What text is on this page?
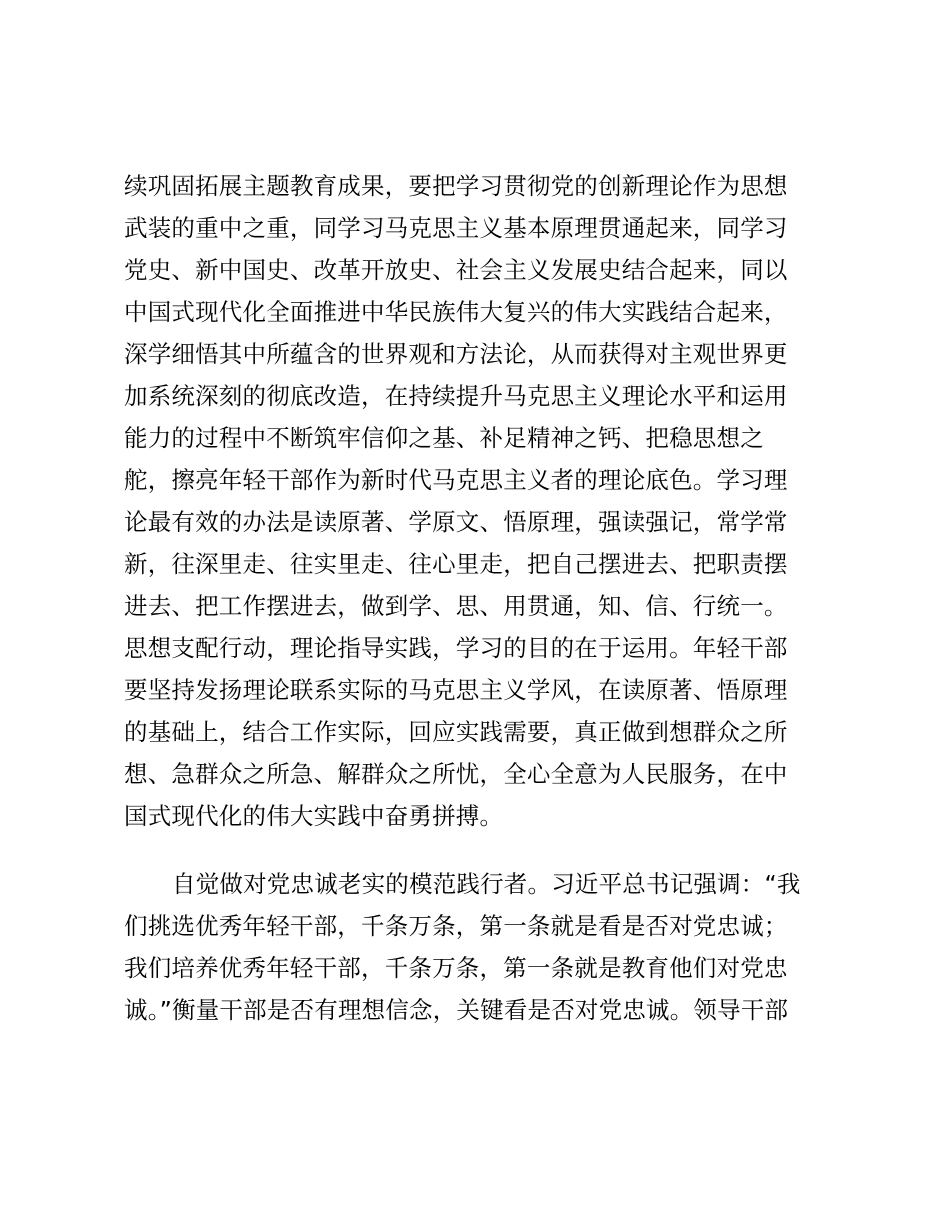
续巩固拓展主题教育成果，要把学习贯彻党的创新理论作为思想
武装的重中之重，同学习马克思主义基本原理贯通起来，同学习
党史、新中国史、改革开放史、社会主义发展史结合起来，同以
中国式现代化全面推进中华民族伟大复兴的伟大实践结合起来，
深学细悟其中所蕴含的世界观和方法论，从而获得对主观世界更
加系统深刻的彻底改造，在持续提升马克思主义理论水平和运用
能力的过程中不断筑牢信仰之基、补足精神之钙、把稳思想之
舵，擦亮年轻干部作为新时代马克思主义者的理论底色。学习理
论最有效的办法是读原著、学原文、悟原理，强读强记，常学常
新，往深里走、往实里走、往心里走，把自己摆进去、把职责摆
进去、把工作摆进去，做到学、思、用贯通，知、信、行统一。
思想支配行动，理论指导实践，学习的目的在于运用。年轻干部
要坚持发扬理论联系实际的马克思主义学风，在读原著、悟原理
的基础上，结合工作实际，回应实践需要，真正做到想群众之所
想、急群众之所急、解群众之所忧，全心全意为人民服务，在中
国式现代化的伟大实践中奋勇拼搏。
自觉做对党忠诚老实的模范践行者。习近平总书记强调：“我
们挑选优秀年轻干部，千条万条，第一条就是看是否对党忠诚；
我们培养优秀年轻干部，千条万条，第一条就是教育他们对党忠
诚。”衡量干部是否有理想信念，关键看是否对党忠诚。领导干部
